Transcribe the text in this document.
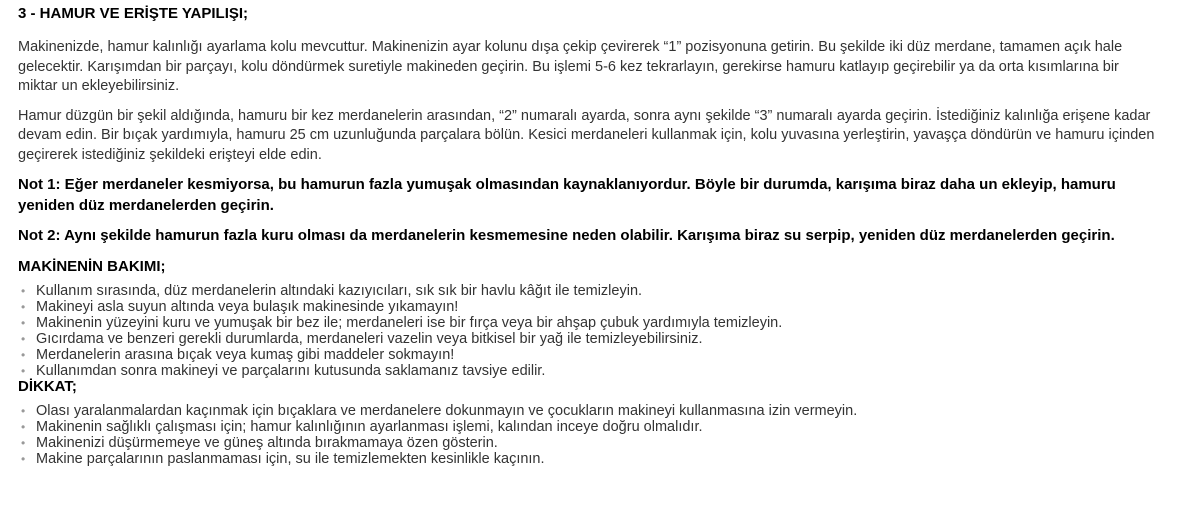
3 - HAMUR VE ERİŞTE YAPILIŞI;

Makinenizde, hamur kalınlığı ayarlama kolu mevcuttur. Makinenizin ayar kolunu dışa çekip çevirerek “1” pozisyonuna getirin. Bu şekilde iki düz merdane, tamamen açık hale gelecektir. Karışımdan bir parçayı, kolu döndürmek suretiyle makineden geçirin. Bu işlemi 5-6 kez tekrarlayın, gerekirse hamuru katlayıp geçirebilir ya da orta kısımlarına bir miktar un ekleyebilirsiniz.

Hamur düzgün bir şekil aldığında, hamuru bir kez merdanelerin arasından, “2” numaralı ayarda, sonra aynı şekilde “3” numaralı ayarda geçirin. İstediğiniz kalınlığa erişene kadar devam edin. Bir bıçak yardımıyla, hamuru 25 cm uzunluğunda parçalara bölün. Kesici merdaneleri kullanmak için, kolu yuvasına yerleştirin, yavaşça döndürün ve hamuru içinden geçirerek istediğiniz şekildeki erişteyi elde edin.

Not 1: Eğer merdaneler kesmiyorsa, bu hamurun fazla yumuşak olmasından kaynaklanıyordur. Böyle bir durumda, karışıma biraz daha un ekleyip, hamuru yeniden düz merdanelerden geçirin.

Not 2: Aynı şekilde hamurun fazla kuru olması da merdanelerin kesmemesine neden olabilir. Karışıma biraz su serpip, yeniden düz merdanelerden geçirin.

MAKİNENİN BAKIMI;
• Kullanım sırasında, düz merdanelerin altındaki kazıyıcıları, sık sık bir havlu kâğıt ile temizleyin.
• Makineyi asla suyun altında veya bulaşık makinesinde yıkamayın!
• Makinenin yüzeyini kuru ve yumuşak bir bez ile; merdaneleri ise bir fırça veya bir ahşap çubuk yardımıyla temizleyin.
• Gıcırdama ve benzeri gerekli durumlarda, merdaneleri vazelin veya bitkisel bir yağ ile temizleyebilirsiniz.
• Merdanelerin arasına bıçak veya kumaş gibi maddeler sokmayın!
• Kullanımdan sonra makineyi ve parçalarını kutusunda saklamanız tavsiye edilir.
DİKKAT;
• Olası yaralanmalardan kaçınmak için bıçaklara ve merdanelere dokunmayın ve çocukların makineyi kullanmasına izin vermeyin.
• Makinenin sağlıklı çalışması için; hamur kalınlığının ayarlanması işlemi, kalından inceye doğru olmalıdır.
• Makinenizi düşürmemeye ve güneş altında bırakmamaya özen gösterin.
• Makine parçalarının paslanmaması için, su ile temizlemekten kesinlikle kaçının.
